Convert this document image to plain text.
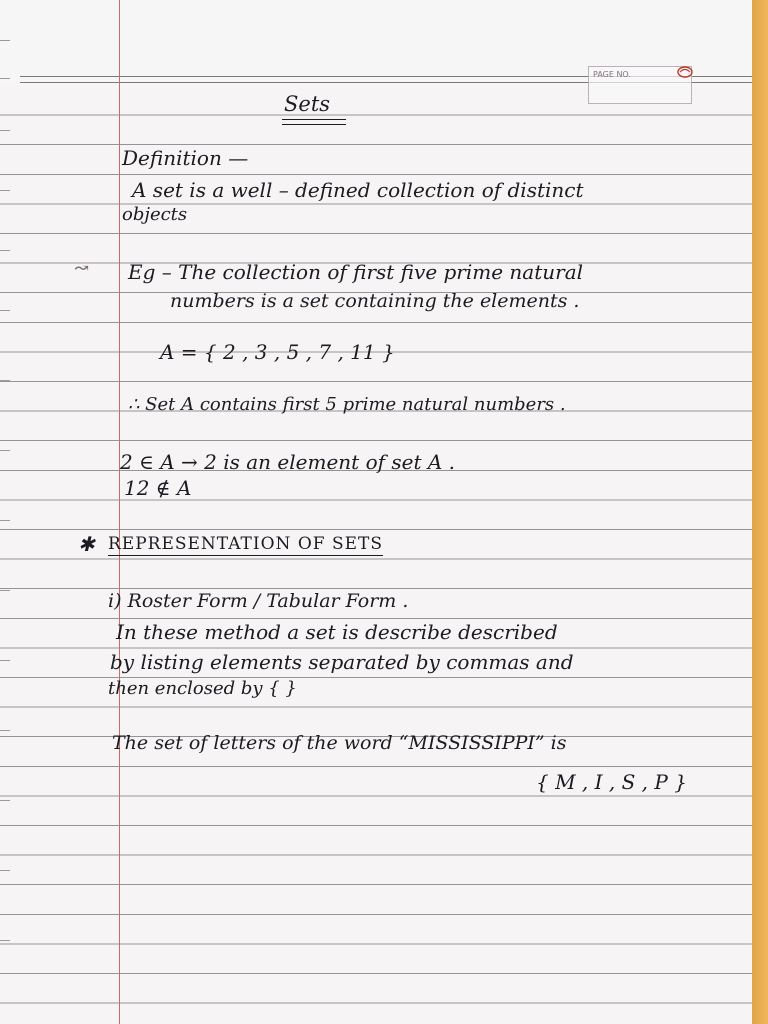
PAGE NO.
Sets
Definition —
A set is a well – defined collection of distinct
objects
↝ Eg – The collection of first five prime natural
numbers is a set containing the elements .
A = { 2 , 3 , 5 , 7 , 11 }
∴ Set A contains first 5 prime natural numbers .
2 ∈ A → 2 is an element of set A .
12 ∉ A
✱ REPRESENTATION OF SETS
i) Roster Form / Tabular Form .
In these method a set is describe described
by listing elements separated by commas and
then enclosed by { }
The set of letters of the word “MISSISSIPPI” is
{ M , I , S , P }
